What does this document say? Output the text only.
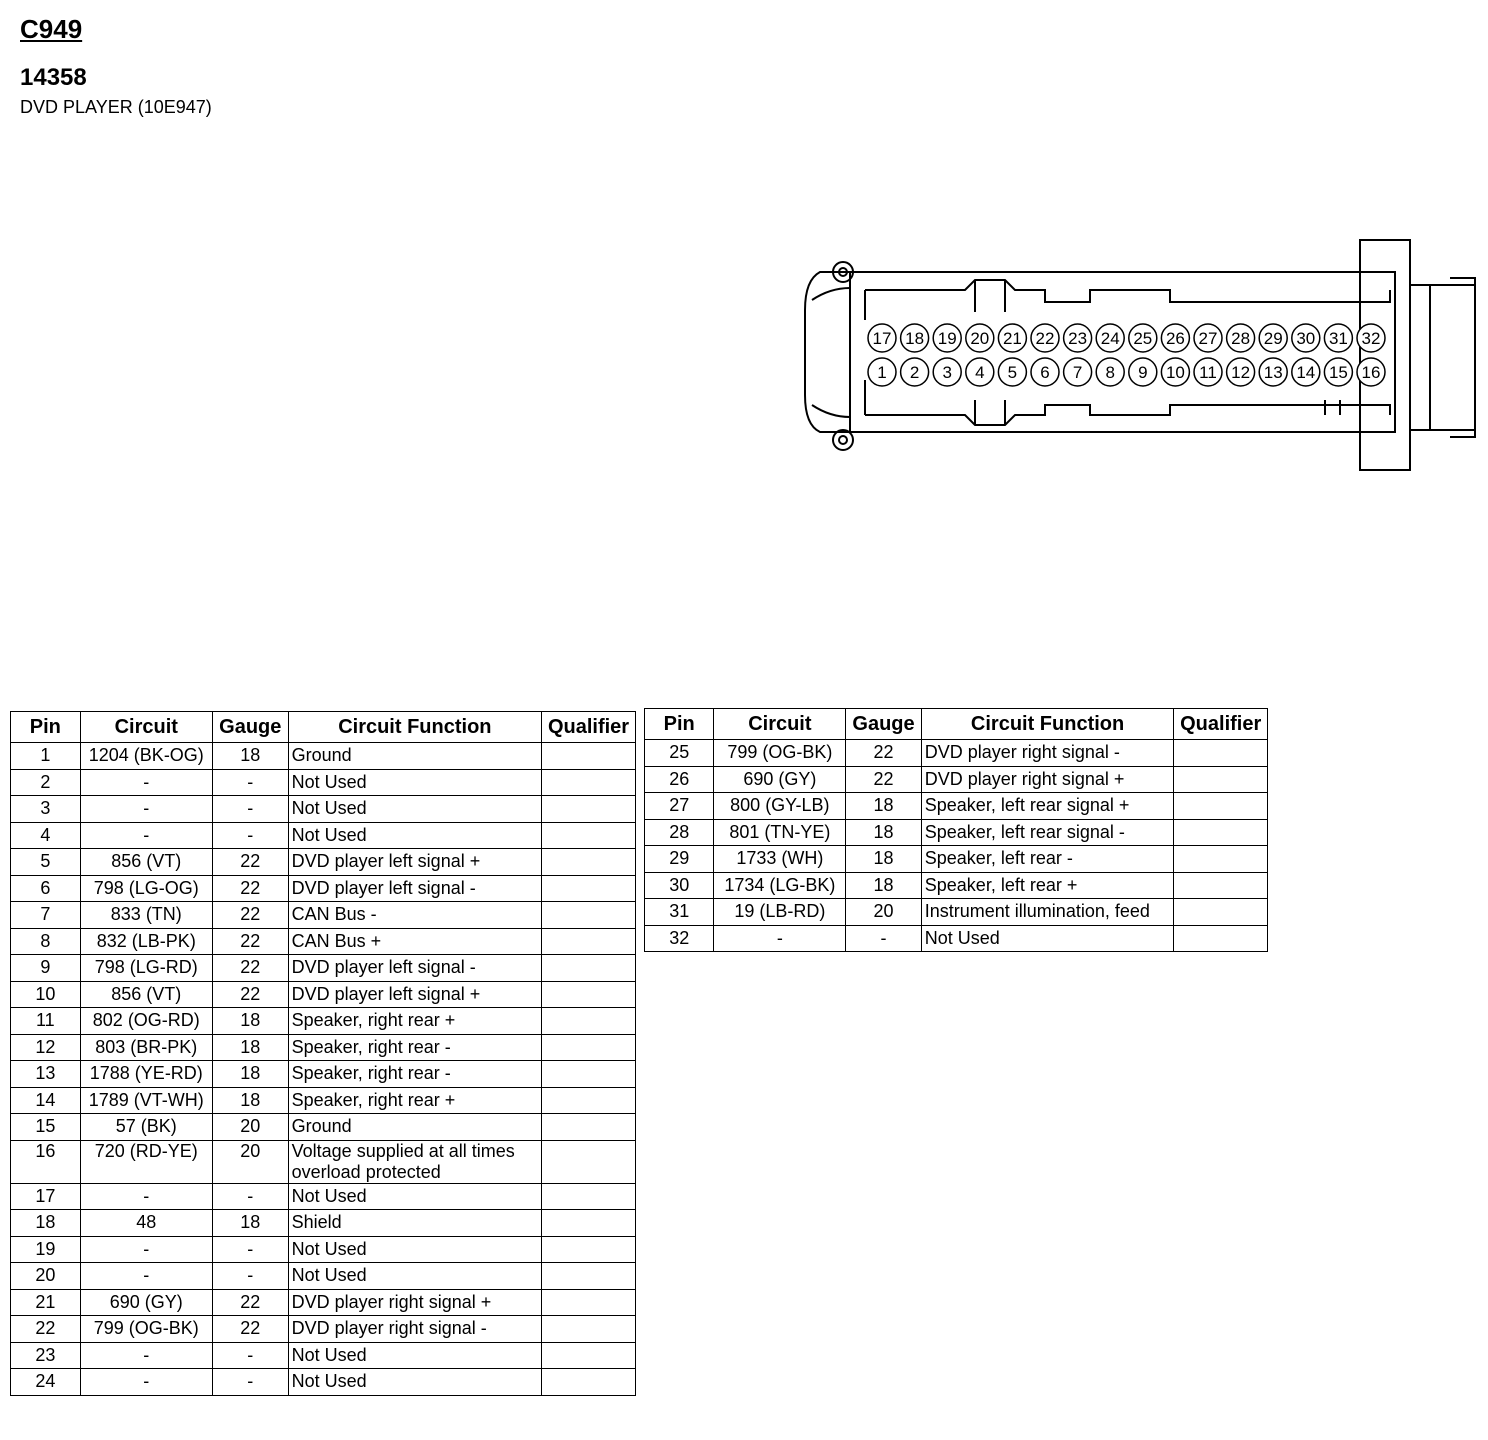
C949
14358
DVD PLAYER (10E947)
17 18 19 20 21 22 23 24 25 26 27 28 29 30 31 32
1 2 3 4 5 6 7 8 9 10 11 12 13 14 15 16
Pin	Circuit	Gauge	Circuit Function	Qualifier
1	1204 (BK-OG)	18	Ground	
2	-	-	Not Used	
3	-	-	Not Used	
4	-	-	Not Used	
5	856 (VT)	22	DVD player left signal +	
6	798 (LG-OG)	22	DVD player left signal -	
7	833 (TN)	22	CAN Bus -	
8	832 (LB-PK)	22	CAN Bus +	
9	798 (LG-RD)	22	DVD player left signal -	
10	856 (VT)	22	DVD player left signal +	
11	802 (OG-RD)	18	Speaker, right rear +	
12	803 (BR-PK)	18	Speaker, right rear -	
13	1788 (YE-RD)	18	Speaker, right rear -	
14	1789 (VT-WH)	18	Speaker, right rear +	
15	57 (BK)	20	Ground	
16	720 (RD-YE)	20	Voltage supplied at all times
overload protected	

17	-	-	Not Used	
18	48	18	Shield	
19	-	-	Not Used	
20	-	-	Not Used	
21	690 (GY)	22	DVD player right signal +	
22	799 (OG-BK)	22	DVD player right signal -	
23	-	-	Not Used	
24	-	-	Not Used	
Pin	Circuit	Gauge	Circuit Function	Qualifier
25	799 (OG-BK)	22	DVD player right signal -	
26	690 (GY)	22	DVD player right signal +	
27	800 (GY-LB)	18	Speaker, left rear signal +	
28	801 (TN-YE)	18	Speaker, left rear signal -	
29	1733 (WH)	18	Speaker, left rear -	
30	1734 (LG-BK)	18	Speaker, left rear +	
31	19 (LB-RD)	20	Instrument illumination, feed	
32	-	-	Not Used	
